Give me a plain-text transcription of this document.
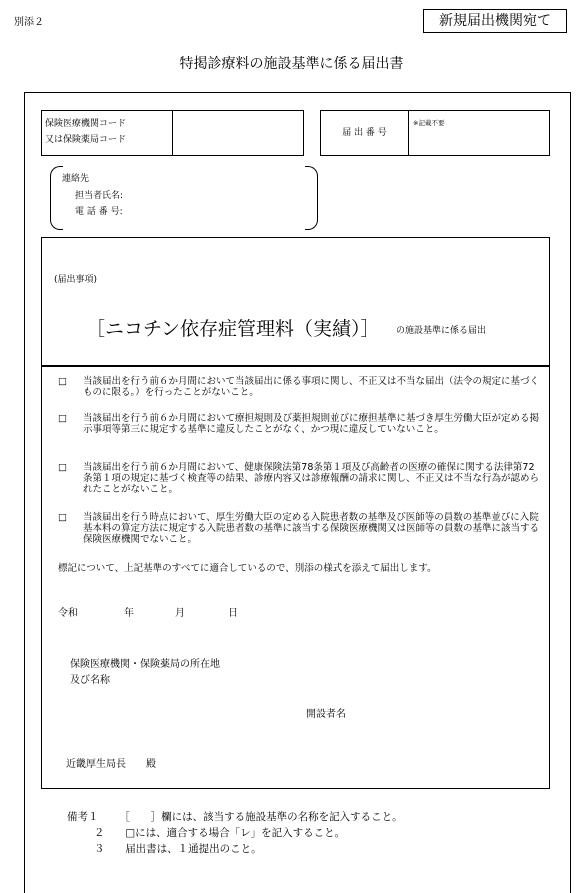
別添２	新規届出機関宛て
特掲診療料の施設基準に係る届出書
保険医療機関コード
又は保険薬局コード
届 出 番 号
※記載不要
連絡先
担当者氏名:
電 話 番 号:
(届出事項)
［ニコチン依存症管理料（実績）］ の施設基準に係る届出
□	当該届出を行う前６か月間において当該届出に係る事項に関し、不正又は不当な届出（法令の規定に基づくものに限る。）を行ったことがないこと。
□	当該届出を行う前６か月間において療担規則及び薬担規則並びに療担基準に基づき厚生労働大臣が定める掲示事項等第三に規定する基準に違反したことがなく、かつ現に違反していないこと。
□	当該届出を行う前６か月間において、健康保険法第78条第１項及び高齢者の医療の確保に関する法律第72条第１項の規定に基づく検査等の結果、診療内容又は診療報酬の請求に関し、不正又は不当な行為が認められたことがないこと。
□	当該届出を行う時点において、厚生労働大臣の定める入院患者数の基準及び医師等の員数の基準並びに入院基本料の算定方法に規定する入院患者数の基準に該当する保険医療機関又は医師等の員数の基準に該当する保険医療機関でないこと。
標記について、上記基準のすべてに適合しているので、別添の様式を添えて届出します。
令和	年	月	日
保険医療機関・保険薬局の所在地
及び名称
開設者名
近畿厚生局長　　殿
備考１ ［　　］欄には、該当する施設基準の名称を記入すること。
２ □には、適合する場合「レ」を記入すること。
３ 届出書は、１通提出のこと。
